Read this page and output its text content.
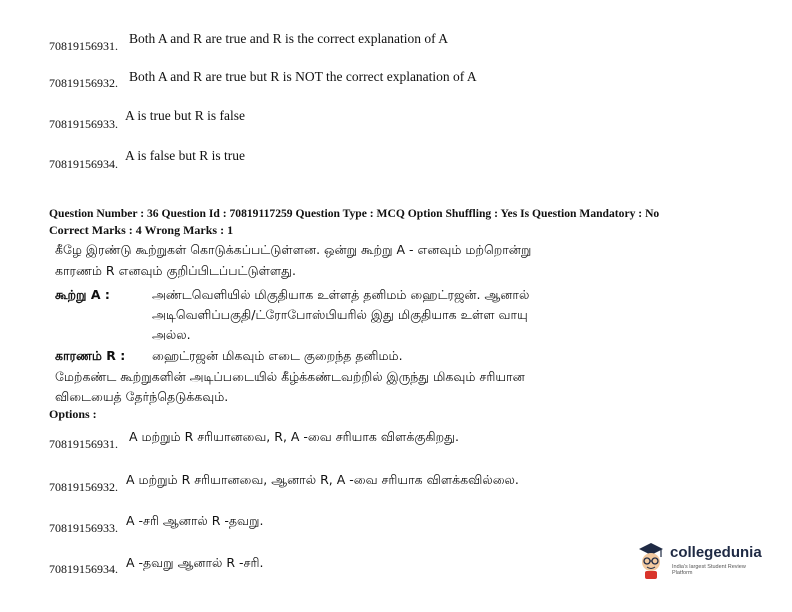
70819156931. Both A and R are true and R is the correct explanation of A
70819156932. Both A and R are true but R is NOT the correct explanation of A
70819156933.
A is true but R is false
70819156934.
A is false but R is true
Question Number : 36 Question Id : 70819117259 Question Type : MCQ Option Shuffling : Yes Is Question Mandatory : No
Correct Marks : 4 Wrong Marks : 1
கீழே இரண்டு கூற்றுகள் கொடுக்கப்பட்டுள்ளன. ஒன்று கூற்று A - எனவும் மற்றொன்று
காரணம் R எனவும் குறிப்பிடப்பட்டுள்ளது.
கூற்று A :	அண்டவெளியில் மிகுதியாக உள்ளத் தனிமம் ஹைட்ரஜன். ஆனால்
அடிவெளிப்பகுதி/ட்ரோபோஸ்பியரில் இது மிகுதியாக உள்ள வாயு
அல்ல.
காரணம் R : ஹைட்ரஜன் மிகவும் எடை குறைந்த தனிமம்.
மேற்கண்ட கூற்றுகளின் அடிப்படையில் கீழ்க்கண்டவற்றில் இருந்து மிகவும் சரியான
விடையைத் தேர்ந்தெடுக்கவும்.
Options :
70819156931. A மற்றும் R சரியானவை, R, A -வை சரியாக விளக்குகிறது.
70819156932. A மற்றும் R சரியானவை, ஆனால் R, A -வை சரியாக விளக்கவில்லை.
70819156933. A -சரி ஆனால் R -தவறு.
70819156934. A -தவறு ஆனால் R -சரி.
collegedunia
India's largest Student Review Platform
